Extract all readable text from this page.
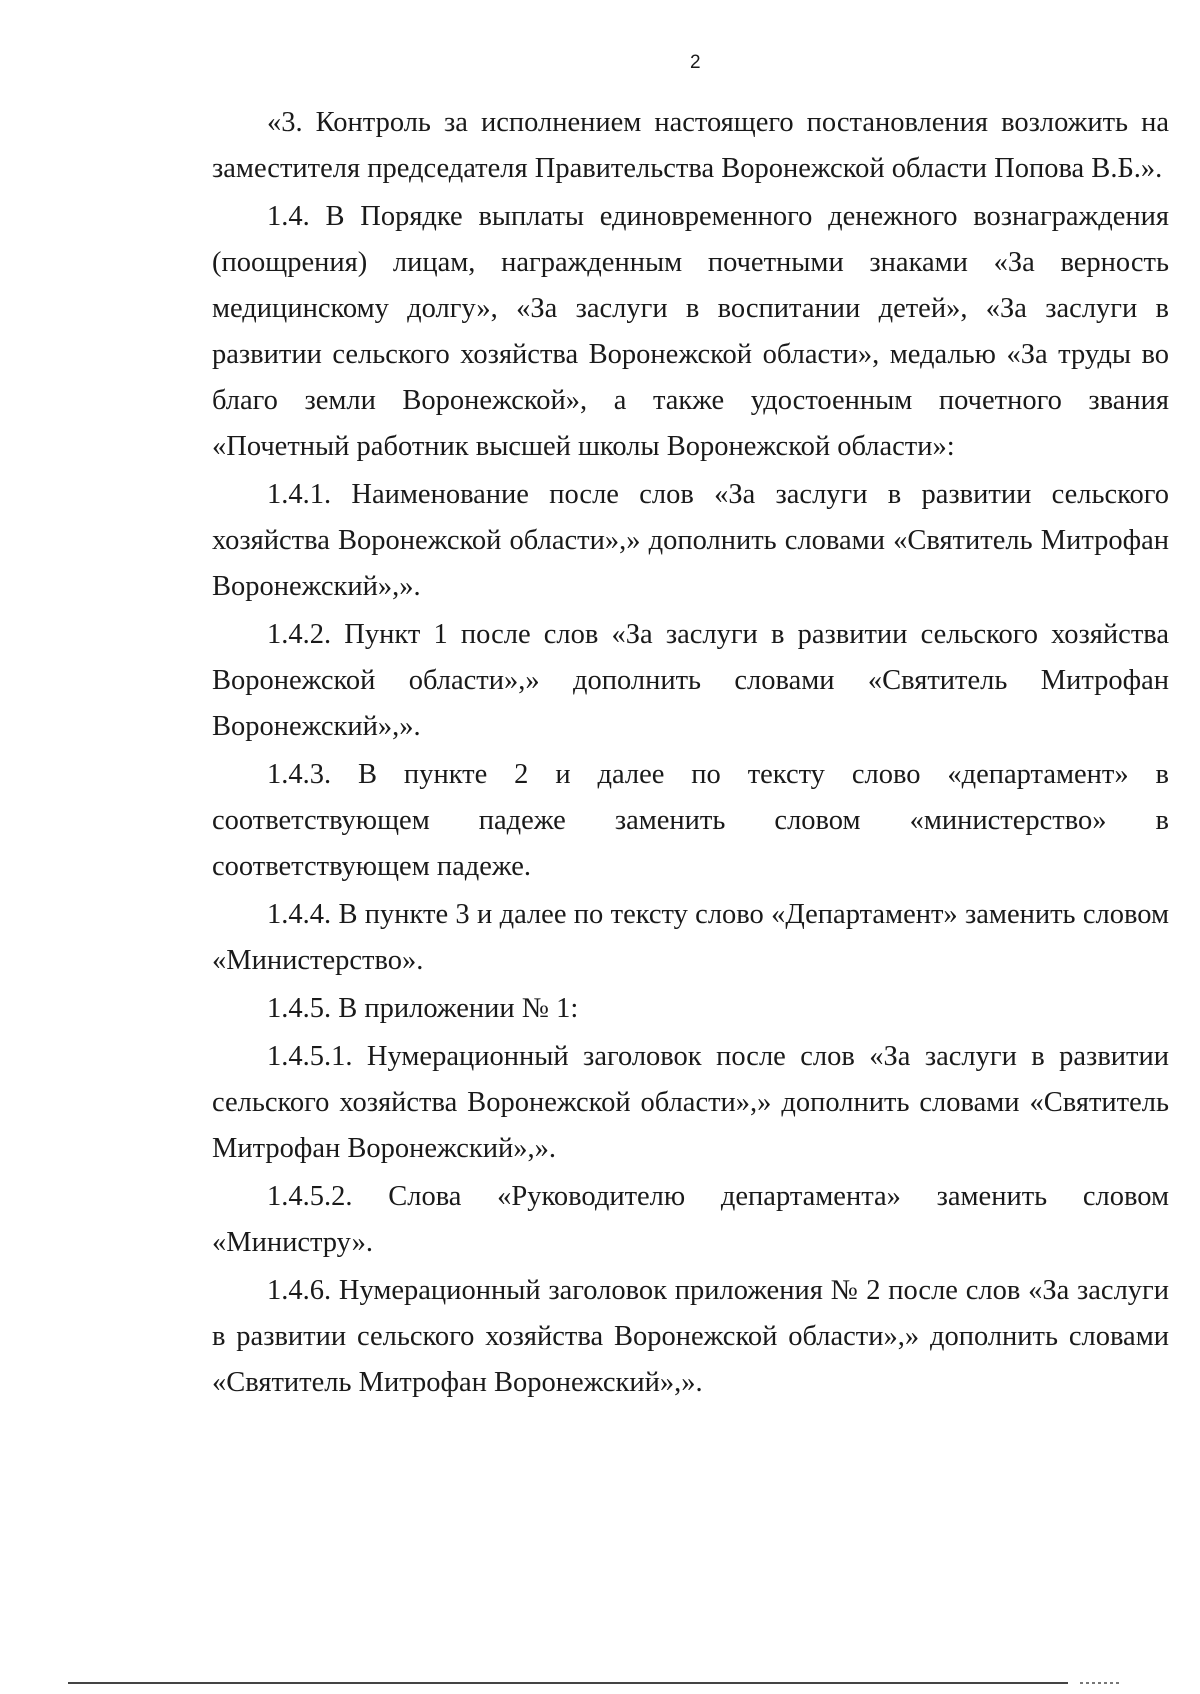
2

«3. Контроль за исполнением настоящего постановления возложить на заместителя председателя Правительства Воронежской области Попова В.Б.».

1.4. В Порядке выплаты единовременного денежного вознаграждения (поощрения) лицам, награжденным почетными знаками «За верность медицинскому долгу», «За заслуги в воспитании детей», «За заслуги в развитии сельского хозяйства Воронежской области», медалью «За труды во благо земли Воронежской», а также удостоенным почетного звания «Почетный работник высшей школы Воронежской области»:

1.4.1. Наименование после слов «За заслуги в развитии сельского хозяйства Воронежской области»,» дополнить словами «Святитель Митрофан Воронежский»,».

1.4.2. Пункт 1 после слов «За заслуги в развитии сельского хозяйства Воронежской области»,» дополнить словами «Святитель Митрофан Воронежский»,».

1.4.3. В пункте 2 и далее по тексту слово «департамент» в соответствующем падеже заменить словом «министерство» в соответствующем падеже.

1.4.4. В пункте 3 и далее по тексту слово «Департамент» заменить словом «Министерство».

1.4.5. В приложении № 1:

1.4.5.1. Нумерационный заголовок после слов «За заслуги в развитии сельского хозяйства Воронежской области»,» дополнить словами «Святитель Митрофан Воронежский»,».

1.4.5.2. Слова «Руководителю департамента» заменить словом «Министру».

1.4.6. Нумерационный заголовок приложения № 2 после слов «За заслуги в развитии сельского хозяйства Воронежской области»,» дополнить словами «Святитель Митрофан Воронежский»,».
